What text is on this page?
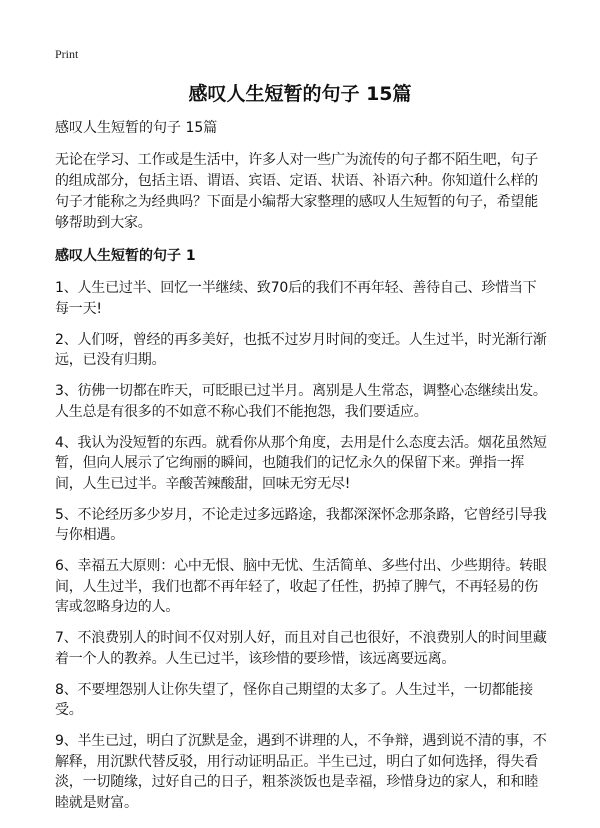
Print
感叹人生短暂的句子 15篇

感叹人生短暂的句子 15篇

无论在学习、工作或是生活中，许多人对一些广为流传的句子都不陌生吧，句子的组成部分，包括主语、谓语、宾语、定语、状语、补语六种。你知道什么样的句子才能称之为经典吗？下面是小编帮大家整理的感叹人生短暂的句子，希望能够帮助到大家。

感叹人生短暂的句子 1

1、人生已过半、回忆一半继续、致70后的我们不再年轻、善待自己、珍惜当下每一天!

2、人们呀，曾经的再多美好，也抵不过岁月时间的变迁。人生过半，时光渐行渐远，已没有归期。

3、彷佛一切都在昨天，可眨眼已过半月。离别是人生常态，调整心态继续出发。人生总是有很多的不如意不称心我们不能抱怨，我们要适应。

4、我认为没短暂的东西。就看你从那个角度，去用是什么态度去活。烟花虽然短暂，但向人展示了它绚丽的瞬间，也随我们的记忆永久的保留下来。弹指一挥间，人生已过半。辛酸苦辣酸甜，回味无穷无尽!

5、不论经历多少岁月，不论走过多远路途，我都深深怀念那条路，它曾经引导我与你相遇。

6、幸福五大原则：心中无恨、脑中无忧、生活简单、多些付出、少些期待。转眼间，人生过半，我们也都不再年轻了，收起了任性，扔掉了脾气，不再轻易的伤害或忽略身边的人。

7、不浪费别人的时间不仅对别人好，而且对自己也很好，不浪费别人的时间里藏着一个人的教养。人生已过半，该珍惜的要珍惜，该远离要远离。

8、不要埋怨别人让你失望了，怪你自己期望的太多了。人生过半，一切都能接受。

9、半生已过，明白了沉默是金，遇到不讲理的人，不争辩，遇到说不清的事，不解释，用沉默代替反驳，用行动证明品正。半生已过，明白了如何选择，得失看淡，一切随缘，过好自己的日子，粗茶淡饭也是幸福，珍惜身边的家人，和和睦睦就是财富。
